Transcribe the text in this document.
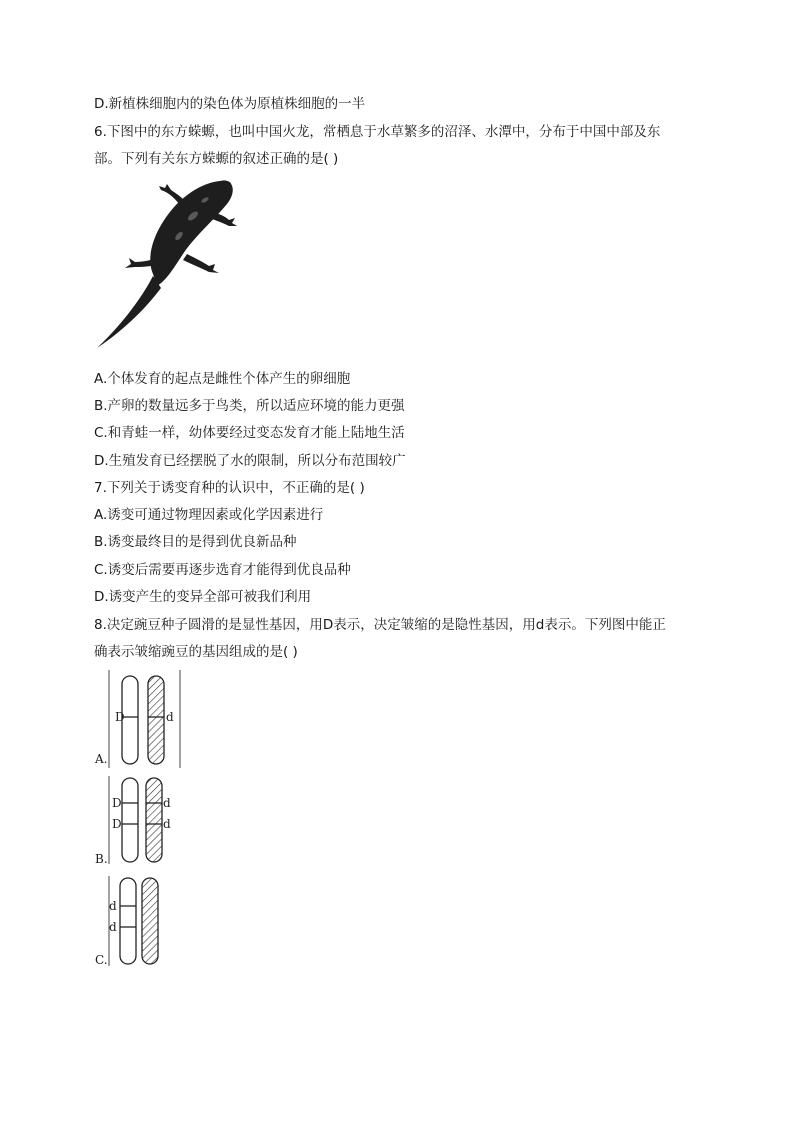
D.新植株细胞内的染色体为原植株细胞的一半
6.下图中的东方蝾螈，也叫中国火龙，常栖息于水草繁多的沼泽、水潭中，分布于中国中部及东
部。下列有关东方蝾螈的叙述正确的是( )
A.个体发育的起点是雌性个体产生的卵细胞
B.产卵的数量远多于鸟类，所以适应环境的能力更强
C.和青蛙一样，幼体要经过变态发育才能上陆地生活
D.生殖发育已经摆脱了水的限制，所以分布范围较广
7.下列关于诱变育种的认识中，不正确的是( )
A.诱变可通过物理因素或化学因素进行
B.诱变最终目的是得到优良新品种
C.诱变后需要再逐步选育才能得到优良品种
D.诱变产生的变异全部可被我们利用
8.决定豌豆种子圆滑的是显性基因，用D表示，决定皱缩的是隐性基因，用d表示。下列图中能正
确表示皱缩豌豆的基因组成的是( )
D	d
A.
D
D
d
d
B.
d
d
C.
